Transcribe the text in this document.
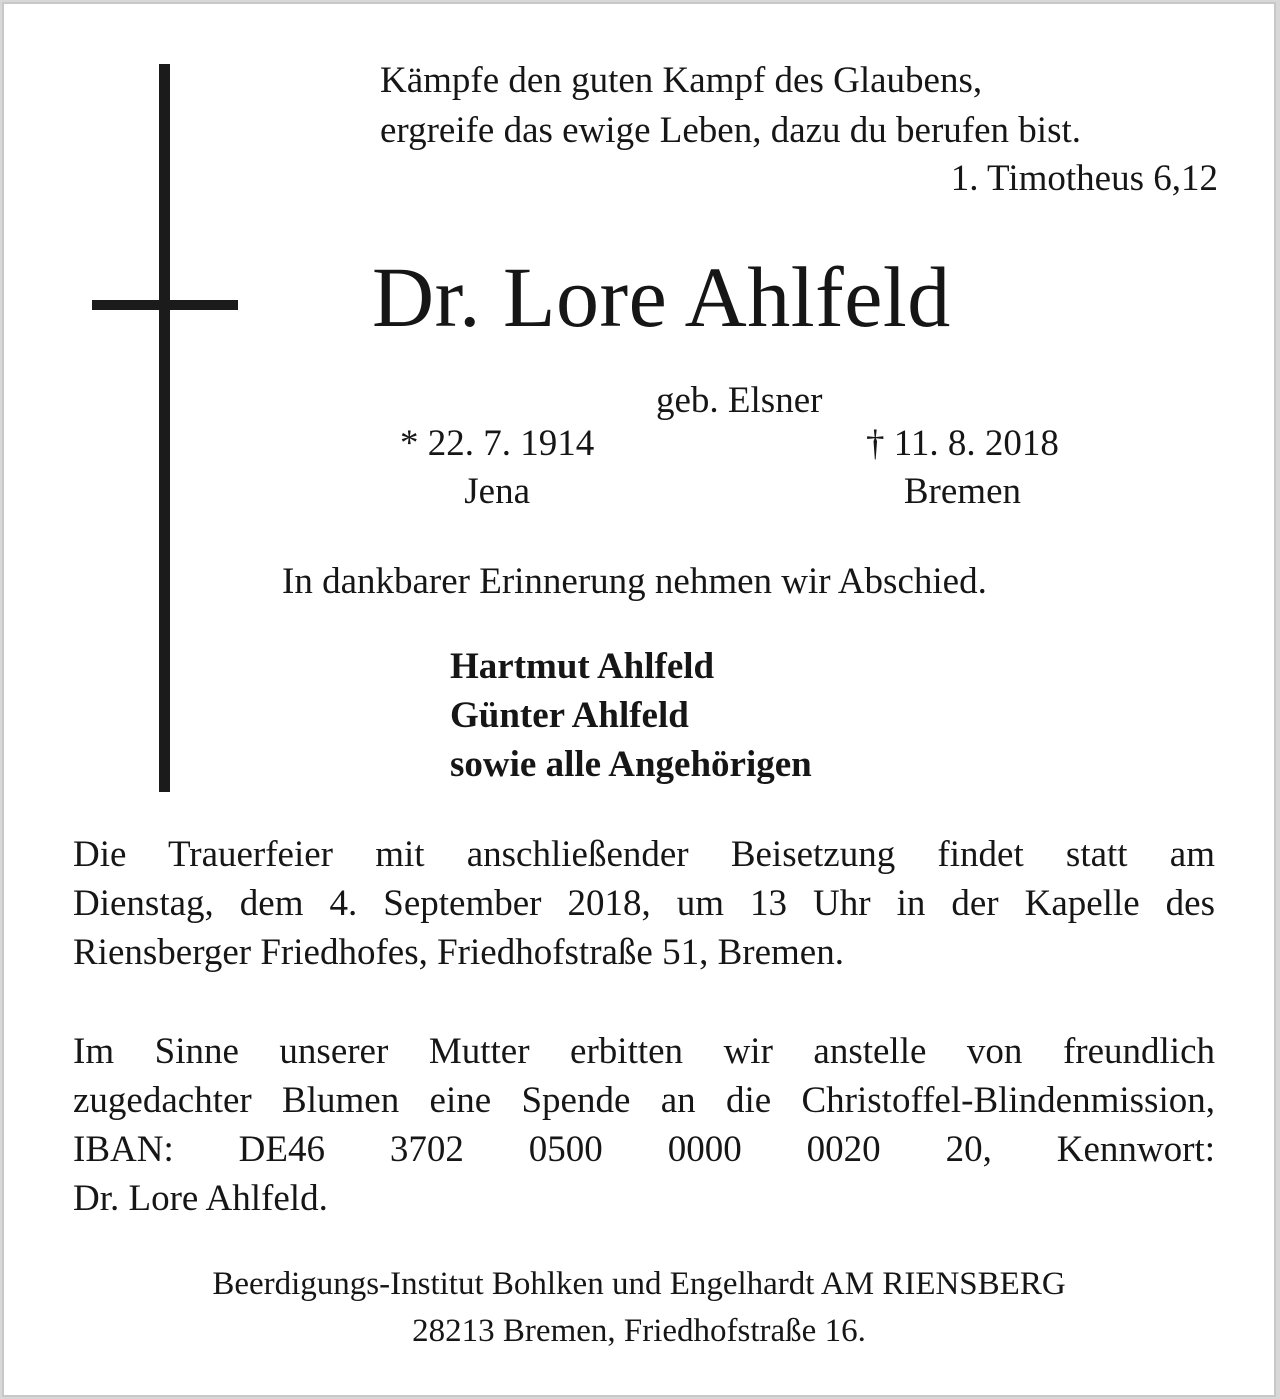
Kämpfe den guten Kampf des Glaubens,
ergreife das ewige Leben, dazu du berufen bist.

1. Timotheus 6,12

Dr. Lore Ahlfeld

geb. Elsner

* 22. 7. 1914
Jena
† 11. 8. 2018
Bremen

In dankbarer Erinnerung nehmen wir Abschied.

Hartmut Ahlfeld
Günter Ahlfeld
sowie alle Angehörigen

Die Trauerfeier mit anschließender Beisetzung findet statt am
Dienstag, dem 4. September 2018, um 13 Uhr in der Kapelle des
Riensberger Friedhofes, Friedhofstraße 51, Bremen.

Im Sinne unserer Mutter erbitten wir anstelle von freundlich
zugedachter Blumen eine Spende an die Christoffel-Blindenmission,
IBAN: DE46 3702 0500 0000 0020 20, Kennwort:
Dr. Lore Ahlfeld.

Beerdigungs-Institut Bohlken und Engelhardt AM RIENSBERG
28213 Bremen, Friedhofstraße 16.
